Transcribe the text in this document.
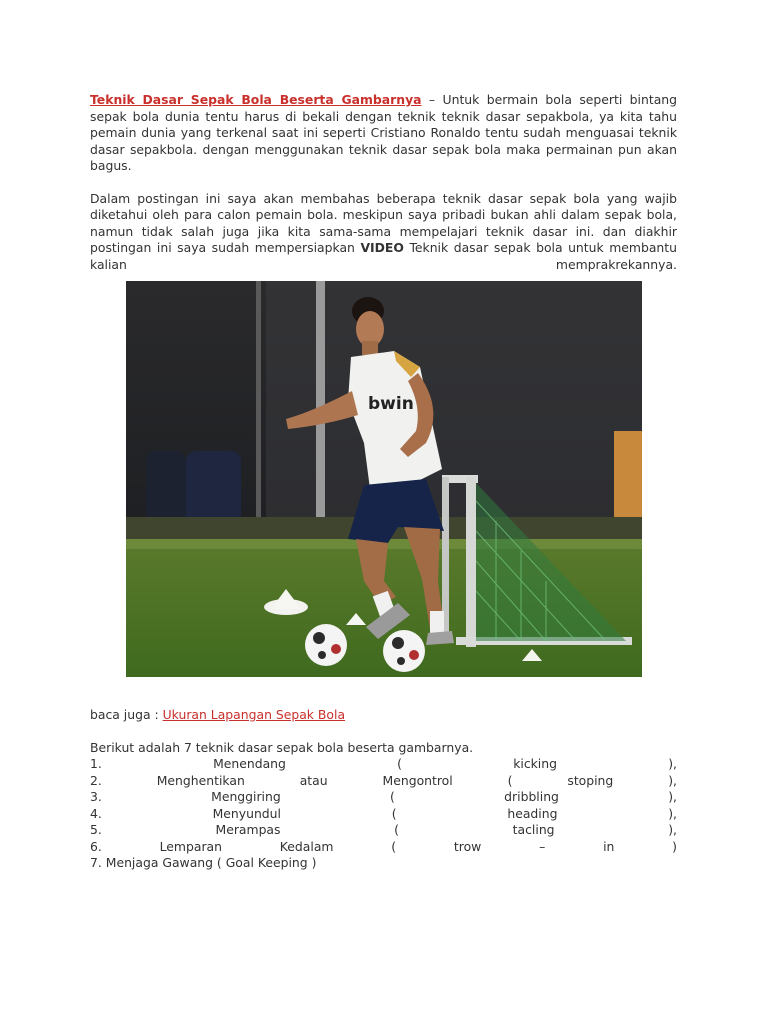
Teknik Dasar Sepak Bola Beserta Gambarnya – Untuk bermain bola seperti bintang sepak bola dunia tentu harus di bekali dengan teknik teknik dasar sepakbola, ya kita tahu pemain dunia yang terkenal saat ini seperti Cristiano Ronaldo tentu sudah menguasai teknik dasar sepakbola. dengan menggunakan teknik dasar sepak bola maka permainan pun akan bagus.

Dalam postingan ini saya akan membahas beberapa teknik dasar sepak bola yang wajib diketahui oleh para calon pemain bola. meskipun saya pribadi bukan ahli dalam sepak bola, namun tidak salah juga jika kita sama-sama mempelajari teknik dasar ini. dan diakhir postingan ini saya sudah mempersiapkan VIDEO Teknik dasar sepak bola untuk membantu kalian memprakrekannya.

bwin

baca juga : Ukuran Lapangan Sepak Bola

Berikut adalah 7 teknik dasar sepak bola beserta gambarnya.
1.	Menendang	(	kicking	),
2.	Menghentikan	atau	Mengontrol	(	stoping	),
3.	Menggiring	(	dribbling	),
4.	Menyundul	(	heading	),
5.	Merampas	(	tacling	),
6.	Lemparan	Kedalam	(	trow	–	in	)
7. Menjaga Gawang ( Goal Keeping )
